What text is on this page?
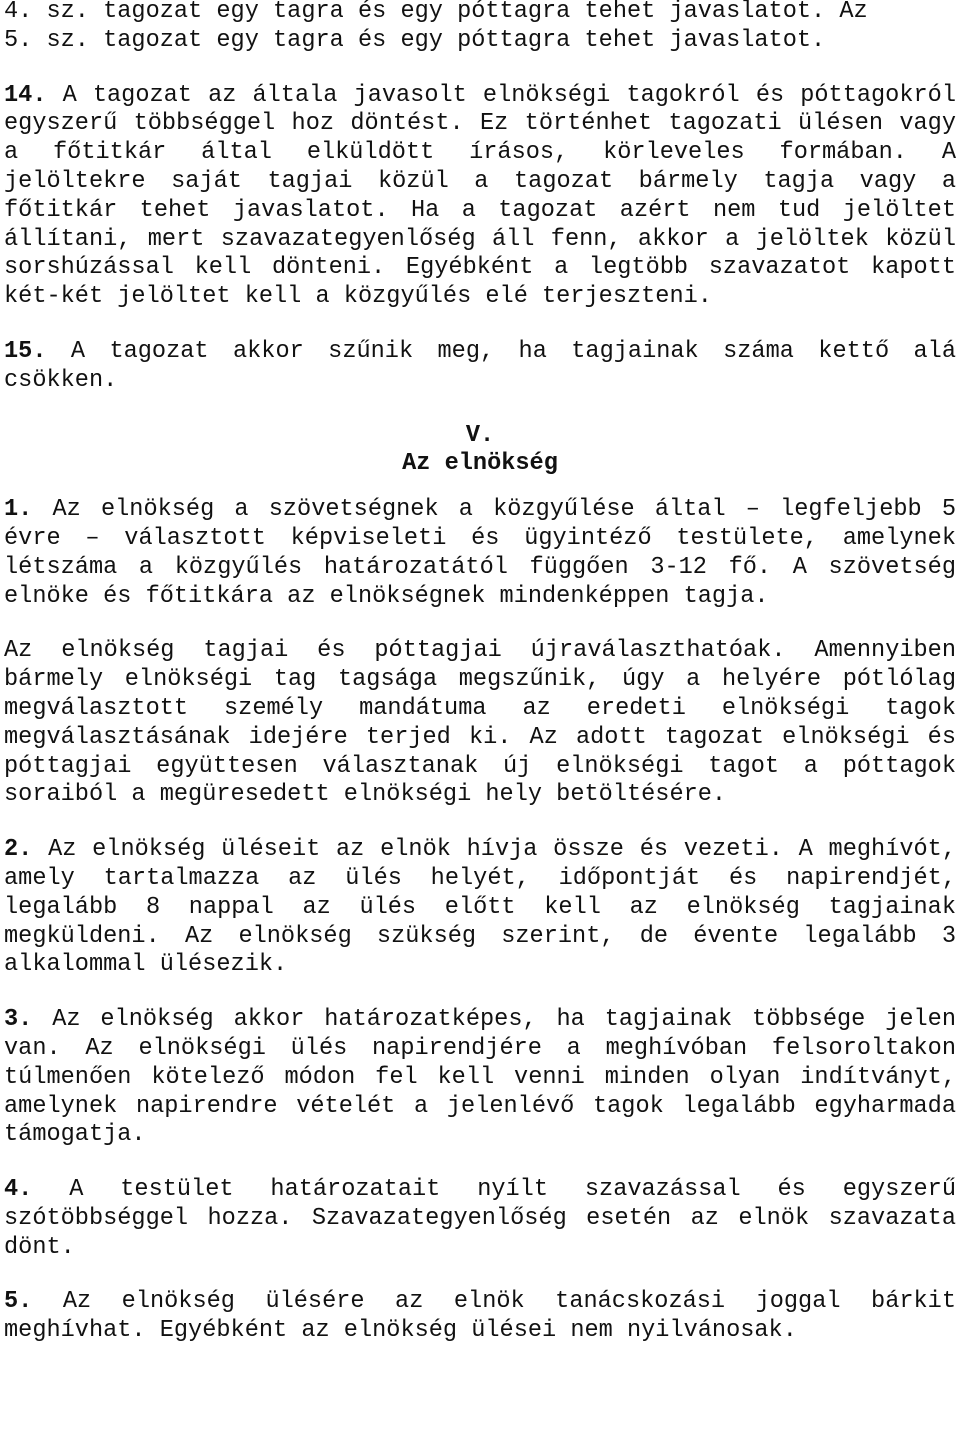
4. sz. tagozat egy tagra és egy póttagra tehet javaslatot. Az
5. sz. tagozat egy tagra és egy póttagra tehet javaslatot.

14. A tagozat az általa javasolt elnökségi tagokról és póttagokról egyszerű többséggel hoz döntést. Ez történhet tagozati ülésen vagy a főtitkár által elküldött írásos, körleveles formában. A jelöltekre saját tagjai közül a tagozat bármely tagja vagy a főtitkár tehet javaslatot. Ha a tagozat azért nem tud jelöltet állítani, mert szavazategyenlőség áll fenn, akkor a jelöltek közül sorshúzással kell dönteni. Egyébként a legtöbb szavazatot kapott két-két jelöltet kell a közgyűlés elé terjeszteni.

15. A tagozat akkor szűnik meg, ha tagjainak száma kettő alá csökken.

V.

Az elnökség

1. Az elnökség a szövetségnek a közgyűlése által – legfeljebb 5 évre – választott képviseleti és ügyintéző testülete, amelynek létszáma a közgyűlés határozatától függően 3-12 fő. A szövetség elnöke és főtitkára az elnökségnek mindenképpen tagja.

Az elnökség tagjai és póttagjai újraválaszthatóak. Amennyiben bármely elnökségi tag tagsága megszűnik, úgy a helyére pótlólag megválasztott személy mandátuma az eredeti elnökségi tagok megválasztásának idejére terjed ki. Az adott tagozat elnökségi és póttagjai együttesen választanak új elnökségi tagot a póttagok soraiból a megüresedett elnökségi hely betöltésére.

2. Az elnökség üléseit az elnök hívja össze és vezeti. A meghívót, amely tartalmazza az ülés helyét, időpontját és napirendjét, legalább 8 nappal az ülés előtt kell az elnökség tagjainak megküldeni. Az elnökség szükség szerint, de évente legalább 3 alkalommal ülésezik.

3. Az elnökség akkor határozatképes, ha tagjainak többsége jelen van. Az elnökségi ülés napirendjére a meghívóban felsoroltakon túlmenően kötelező módon fel kell venni minden olyan indítványt, amelynek napirendre vételét a jelenlévő tagok legalább egyharmada támogatja.

4. A testület határozatait nyílt szavazással és egyszerű szótöbbséggel hozza. Szavazategyenlőség esetén az elnök szavazata dönt.

5. Az elnökség ülésére az elnök tanácskozási joggal bárkit meghívhat. Egyébként az elnökség ülései nem nyilvánosak.
